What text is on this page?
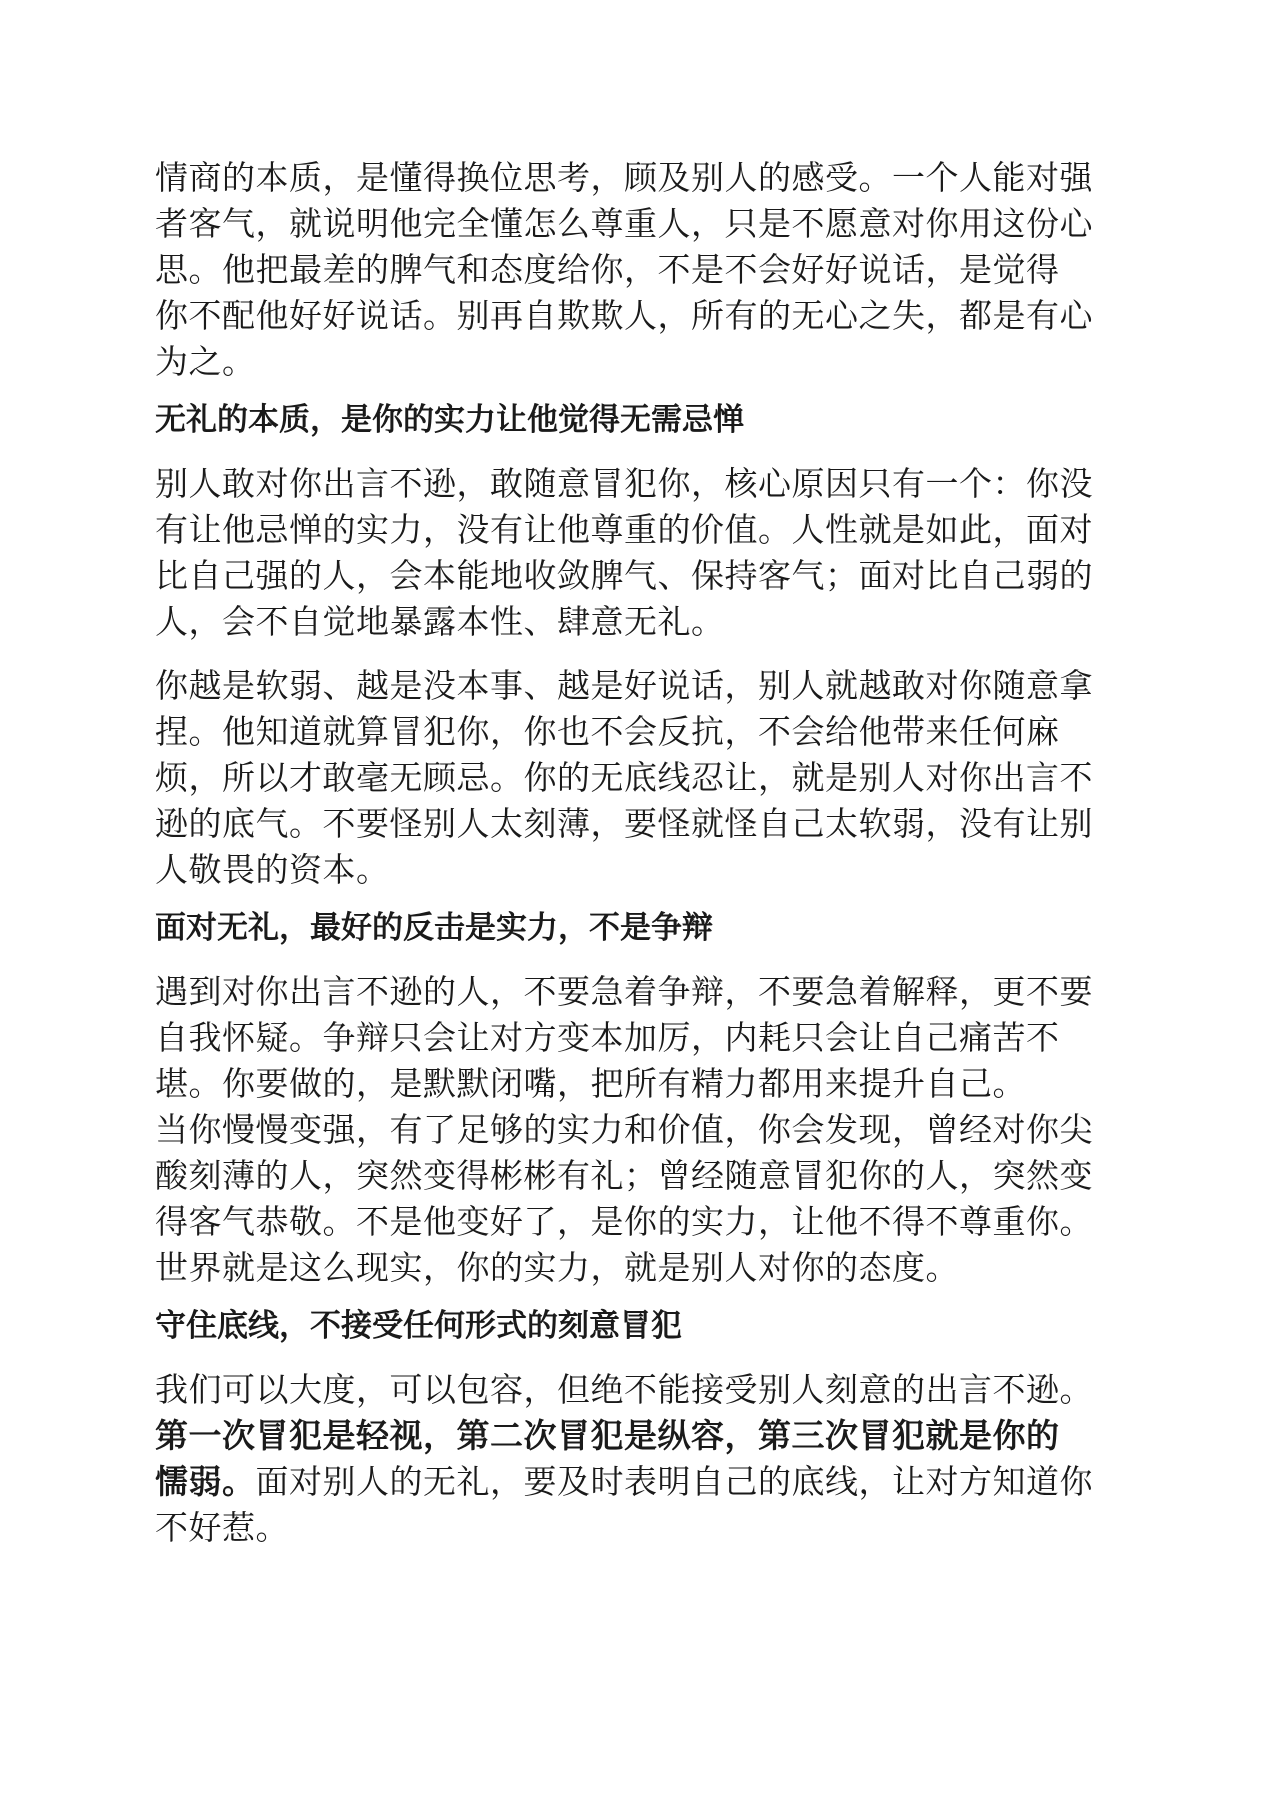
情商的本质，是懂得换位思考，顾及别人的感受。一个人能对强
者客气，就说明他完全懂怎么尊重人，只是不愿意对你用这份心
思。他把最差的脾气和态度给你，不是不会好好说话，是觉得
你不配他好好说话。别再自欺欺人，所有的无心之失，都是有心
为之。
无礼的本质，是你的实力让他觉得无需忌惮
别人敢对你出言不逊，敢随意冒犯你，核心原因只有一个：你没
有让他忌惮的实力，没有让他尊重的价值。人性就是如此，面对
比自己强的人，会本能地收敛脾气、保持客气；面对比自己弱的
人，会不自觉地暴露本性、肆意无礼。
你越是软弱、越是没本事、越是好说话，别人就越敢对你随意拿
捏。他知道就算冒犯你，你也不会反抗，不会给他带来任何麻
烦，所以才敢毫无顾忌。你的无底线忍让，就是别人对你出言不
逊的底气。不要怪别人太刻薄，要怪就怪自己太软弱，没有让别
人敬畏的资本。
面对无礼，最好的反击是实力，不是争辩
遇到对你出言不逊的人，不要急着争辩，不要急着解释，更不要
自我怀疑。争辩只会让对方变本加厉，内耗只会让自己痛苦不
堪。你要做的，是默默闭嘴，把所有精力都用来提升自己。
当你慢慢变强，有了足够的实力和价值，你会发现，曾经对你尖
酸刻薄的人，突然变得彬彬有礼；曾经随意冒犯你的人，突然变
得客气恭敬。不是他变好了，是你的实力，让他不得不尊重你。
世界就是这么现实，你的实力，就是别人对你的态度。
守住底线，不接受任何形式的刻意冒犯
我们可以大度，可以包容，但绝不能接受别人刻意的出言不逊。
第一次冒犯是轻视，第二次冒犯是纵容，第三次冒犯就是你的
懦弱。面对别人的无礼，要及时表明自己的底线，让对方知道你
不好惹。
